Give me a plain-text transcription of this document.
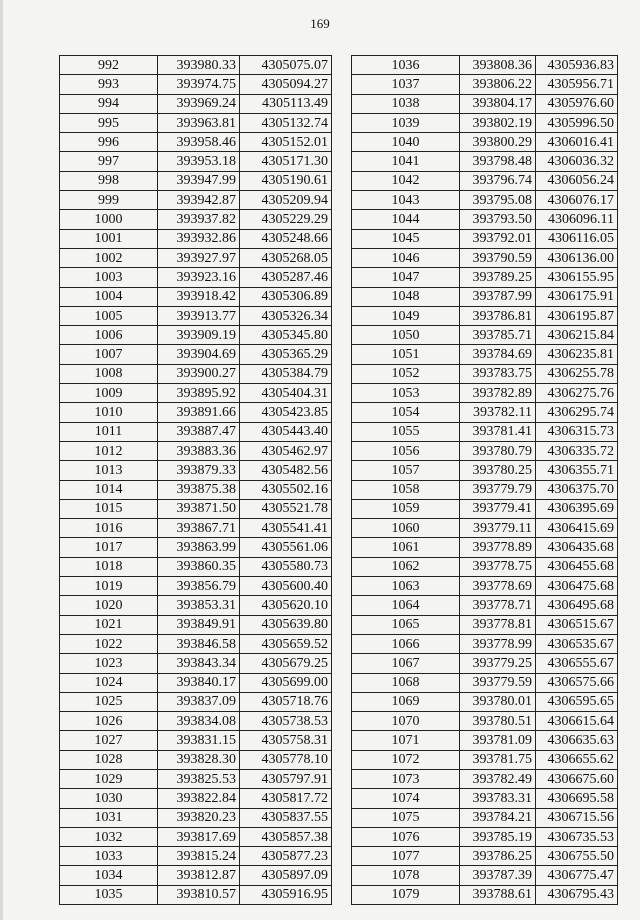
169
992	393980.33	4305075.07
993	393974.75	4305094.27
994	393969.24	4305113.49
995	393963.81	4305132.74
996	393958.46	4305152.01
997	393953.18	4305171.30
998	393947.99	4305190.61
999	393942.87	4305209.94
1000	393937.82	4305229.29
1001	393932.86	4305248.66
1002	393927.97	4305268.05
1003	393923.16	4305287.46
1004	393918.42	4305306.89
1005	393913.77	4305326.34
1006	393909.19	4305345.80
1007	393904.69	4305365.29
1008	393900.27	4305384.79
1009	393895.92	4305404.31
1010	393891.66	4305423.85
1011	393887.47	4305443.40
1012	393883.36	4305462.97
1013	393879.33	4305482.56
1014	393875.38	4305502.16
1015	393871.50	4305521.78
1016	393867.71	4305541.41
1017	393863.99	4305561.06
1018	393860.35	4305580.73
1019	393856.79	4305600.40
1020	393853.31	4305620.10
1021	393849.91	4305639.80
1022	393846.58	4305659.52
1023	393843.34	4305679.25
1024	393840.17	4305699.00
1025	393837.09	4305718.76
1026	393834.08	4305738.53
1027	393831.15	4305758.31
1028	393828.30	4305778.10
1029	393825.53	4305797.91
1030	393822.84	4305817.72
1031	393820.23	4305837.55
1032	393817.69	4305857.38
1033	393815.24	4305877.23
1034	393812.87	4305897.09
1035	393810.57	4305916.95
1036	393808.36	4305936.83
1037	393806.22	4305956.71
1038	393804.17	4305976.60
1039	393802.19	4305996.50
1040	393800.29	4306016.41
1041	393798.48	4306036.32
1042	393796.74	4306056.24
1043	393795.08	4306076.17
1044	393793.50	4306096.11
1045	393792.01	4306116.05
1046	393790.59	4306136.00
1047	393789.25	4306155.95
1048	393787.99	4306175.91
1049	393786.81	4306195.87
1050	393785.71	4306215.84
1051	393784.69	4306235.81
1052	393783.75	4306255.78
1053	393782.89	4306275.76
1054	393782.11	4306295.74
1055	393781.41	4306315.73
1056	393780.79	4306335.72
1057	393780.25	4306355.71
1058	393779.79	4306375.70
1059	393779.41	4306395.69
1060	393779.11	4306415.69
1061	393778.89	4306435.68
1062	393778.75	4306455.68
1063	393778.69	4306475.68
1064	393778.71	4306495.68
1065	393778.81	4306515.67
1066	393778.99	4306535.67
1067	393779.25	4306555.67
1068	393779.59	4306575.66
1069	393780.01	4306595.65
1070	393780.51	4306615.64
1071	393781.09	4306635.63
1072	393781.75	4306655.62
1073	393782.49	4306675.60
1074	393783.31	4306695.58
1075	393784.21	4306715.56
1076	393785.19	4306735.53
1077	393786.25	4306755.50
1078	393787.39	4306775.47
1079	393788.61	4306795.43
